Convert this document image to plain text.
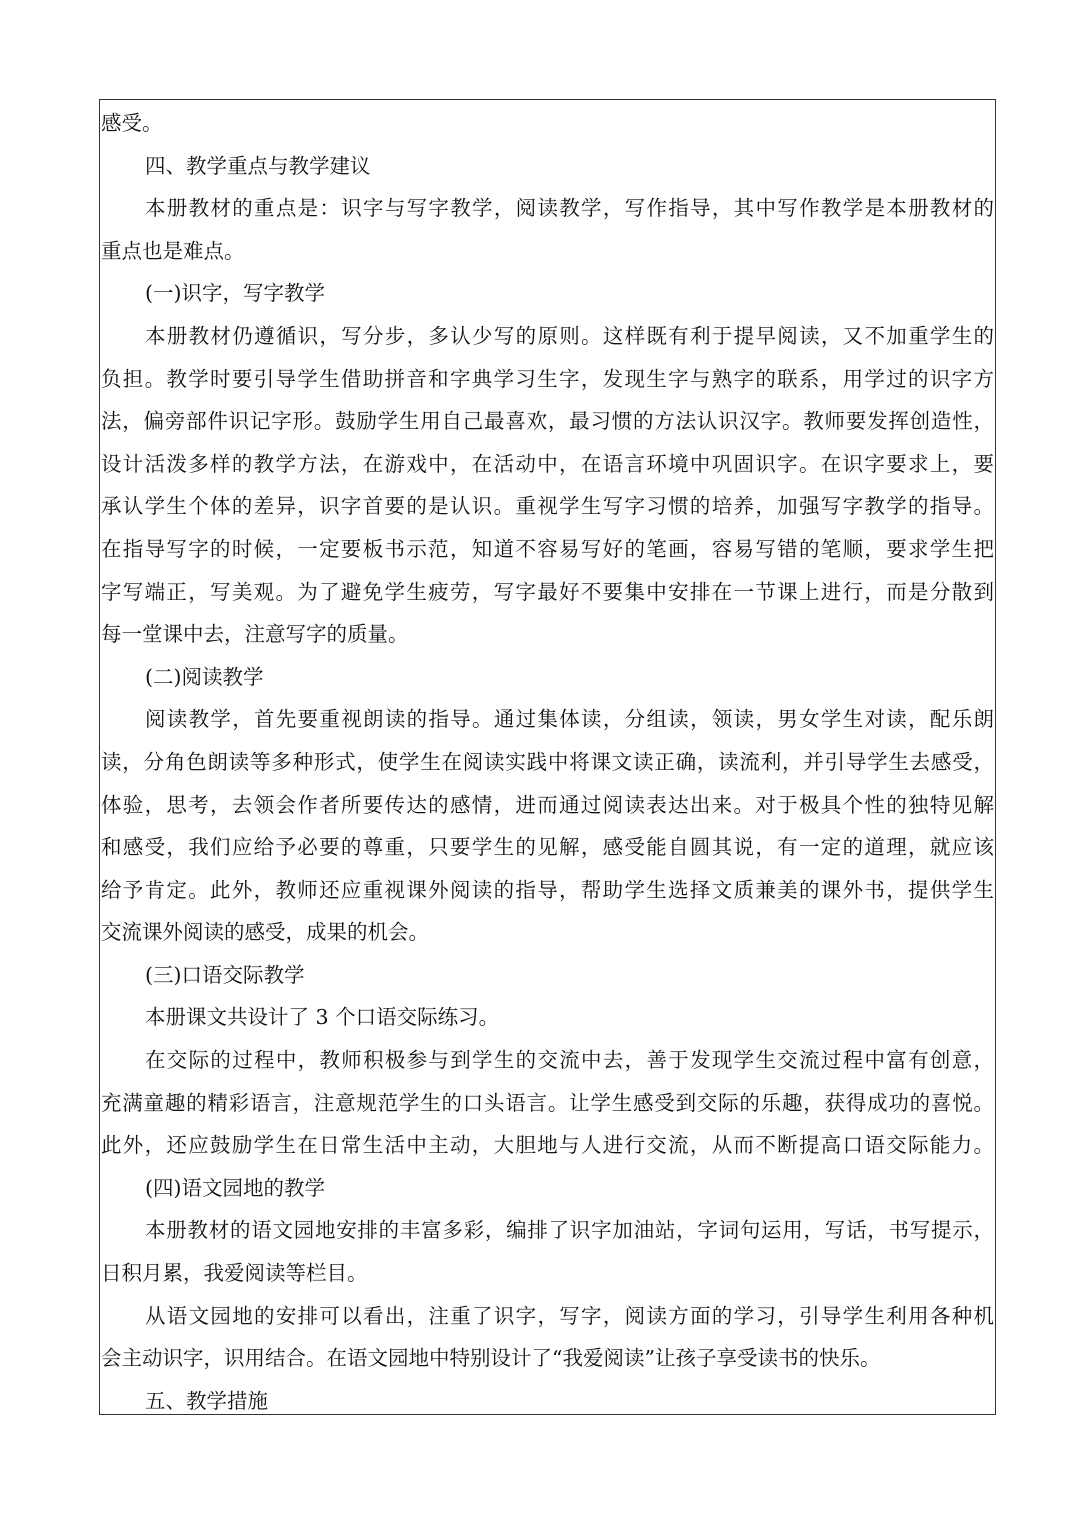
感受。
四、教学重点与教学建议
本册教材的重点是：识字与写字教学，阅读教学，写作指导，其中写作教学是本册教材的
重点也是难点。
(一)识字，写字教学
本册教材仍遵循识，写分步，多认少写的原则。这样既有利于提早阅读，又不加重学生的
负担。教学时要引导学生借助拼音和字典学习生字，发现生字与熟字的联系，用学过的识字方
法，偏旁部件识记字形。鼓励学生用自己最喜欢，最习惯的方法认识汉字。教师要发挥创造性，
设计活泼多样的教学方法，在游戏中，在活动中，在语言环境中巩固识字。在识字要求上，要
承认学生个体的差异，识字首要的是认识。重视学生写字习惯的培养，加强写字教学的指导。
在指导写字的时候，一定要板书示范，知道不容易写好的笔画，容易写错的笔顺，要求学生把
字写端正，写美观。为了避免学生疲劳，写字最好不要集中安排在一节课上进行，而是分散到
每一堂课中去，注意写字的质量。
(二)阅读教学
阅读教学，首先要重视朗读的指导。通过集体读，分组读，领读，男女学生对读，配乐朗
读，分角色朗读等多种形式，使学生在阅读实践中将课文读正确，读流利，并引导学生去感受，
体验，思考，去领会作者所要传达的感情，进而通过阅读表达出来。对于极具个性的独特见解
和感受，我们应给予必要的尊重，只要学生的见解，感受能自圆其说，有一定的道理，就应该
给予肯定。此外，教师还应重视课外阅读的指导，帮助学生选择文质兼美的课外书，提供学生
交流课外阅读的感受，成果的机会。
(三)口语交际教学
本册课文共设计了 3 个口语交际练习。
在交际的过程中，教师积极参与到学生的交流中去，善于发现学生交流过程中富有创意，
充满童趣的精彩语言，注意规范学生的口头语言。让学生感受到交际的乐趣，获得成功的喜悦。
此外，还应鼓励学生在日常生活中主动，大胆地与人进行交流，从而不断提高口语交际能力。
(四)语文园地的教学
本册教材的语文园地安排的丰富多彩，编排了识字加油站，字词句运用，写话，书写提示，
日积月累，我爱阅读等栏目。
从语文园地的安排可以看出，注重了识字，写字，阅读方面的学习，引导学生利用各种机
会主动识字，识用结合。在语文园地中特别设计了“我爱阅读”让孩子享受读书的快乐。
五、教学措施
